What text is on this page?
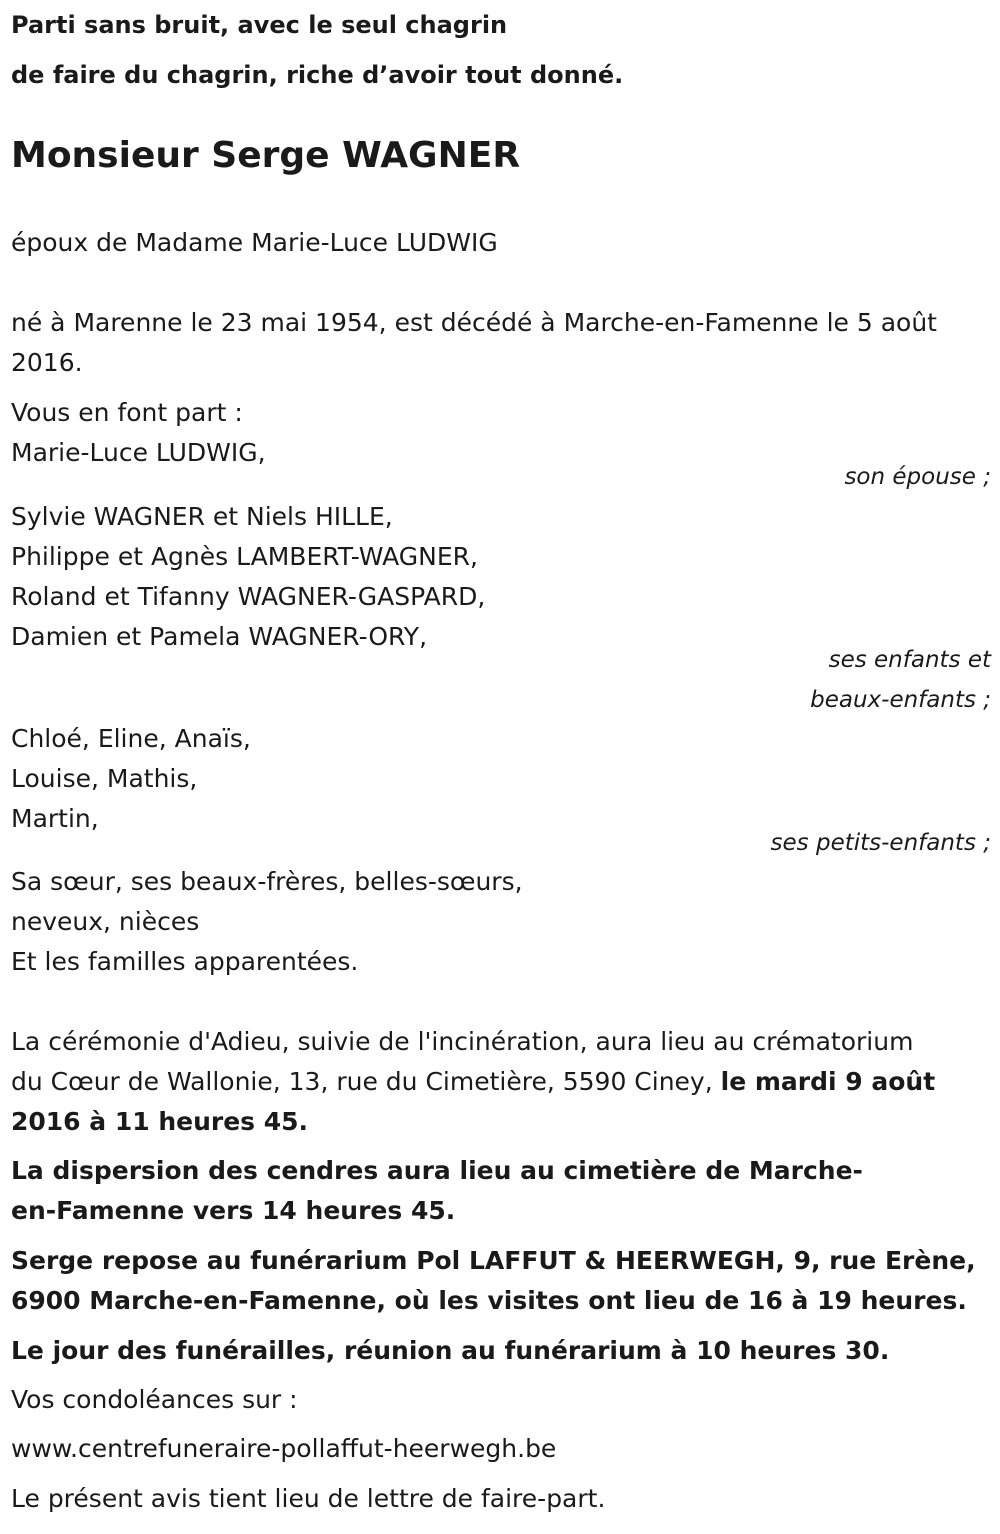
Parti sans bruit, avec le seul chagrin
de faire du chagrin, riche d’avoir tout donné.
Monsieur Serge WAGNER
époux de Madame Marie-Luce LUDWIG
né à Marenne le 23 mai 1954, est décédé à Marche-en-Famenne le 5 août
2016.
Vous en font part :
Marie-Luce LUDWIG,
son épouse ;
Sylvie WAGNER et Niels HILLE,
Philippe et Agnès LAMBERT-WAGNER,
Roland et Tifanny WAGNER-GASPARD,
Damien et Pamela WAGNER-ORY,
ses enfants et
beaux-enfants ;
Chloé, Eline, Anaïs,
Louise, Mathis,
Martin,
ses petits-enfants ;
Sa sœur, ses beaux-frères, belles-sœurs,
neveux, nièces
Et les familles apparentées.
La cérémonie d'Adieu, suivie de l'incinération, aura lieu au crématorium
du Cœur de Wallonie, 13, rue du Cimetière, 5590 Ciney, le mardi 9 août
2016 à 11 heures 45.
La dispersion des cendres aura lieu au cimetière de Marche-
en-Famenne vers 14 heures 45.
Serge repose au funérarium Pol LAFFUT & HEERWEGH, 9, rue Erène,
6900 Marche-en-Famenne, où les visites ont lieu de 16 à 19 heures.
Le jour des funérailles, réunion au funérarium à 10 heures 30.
Vos condoléances sur :
www.centrefuneraire-pollaffut-heerwegh.be
Le présent avis tient lieu de lettre de faire-part.
